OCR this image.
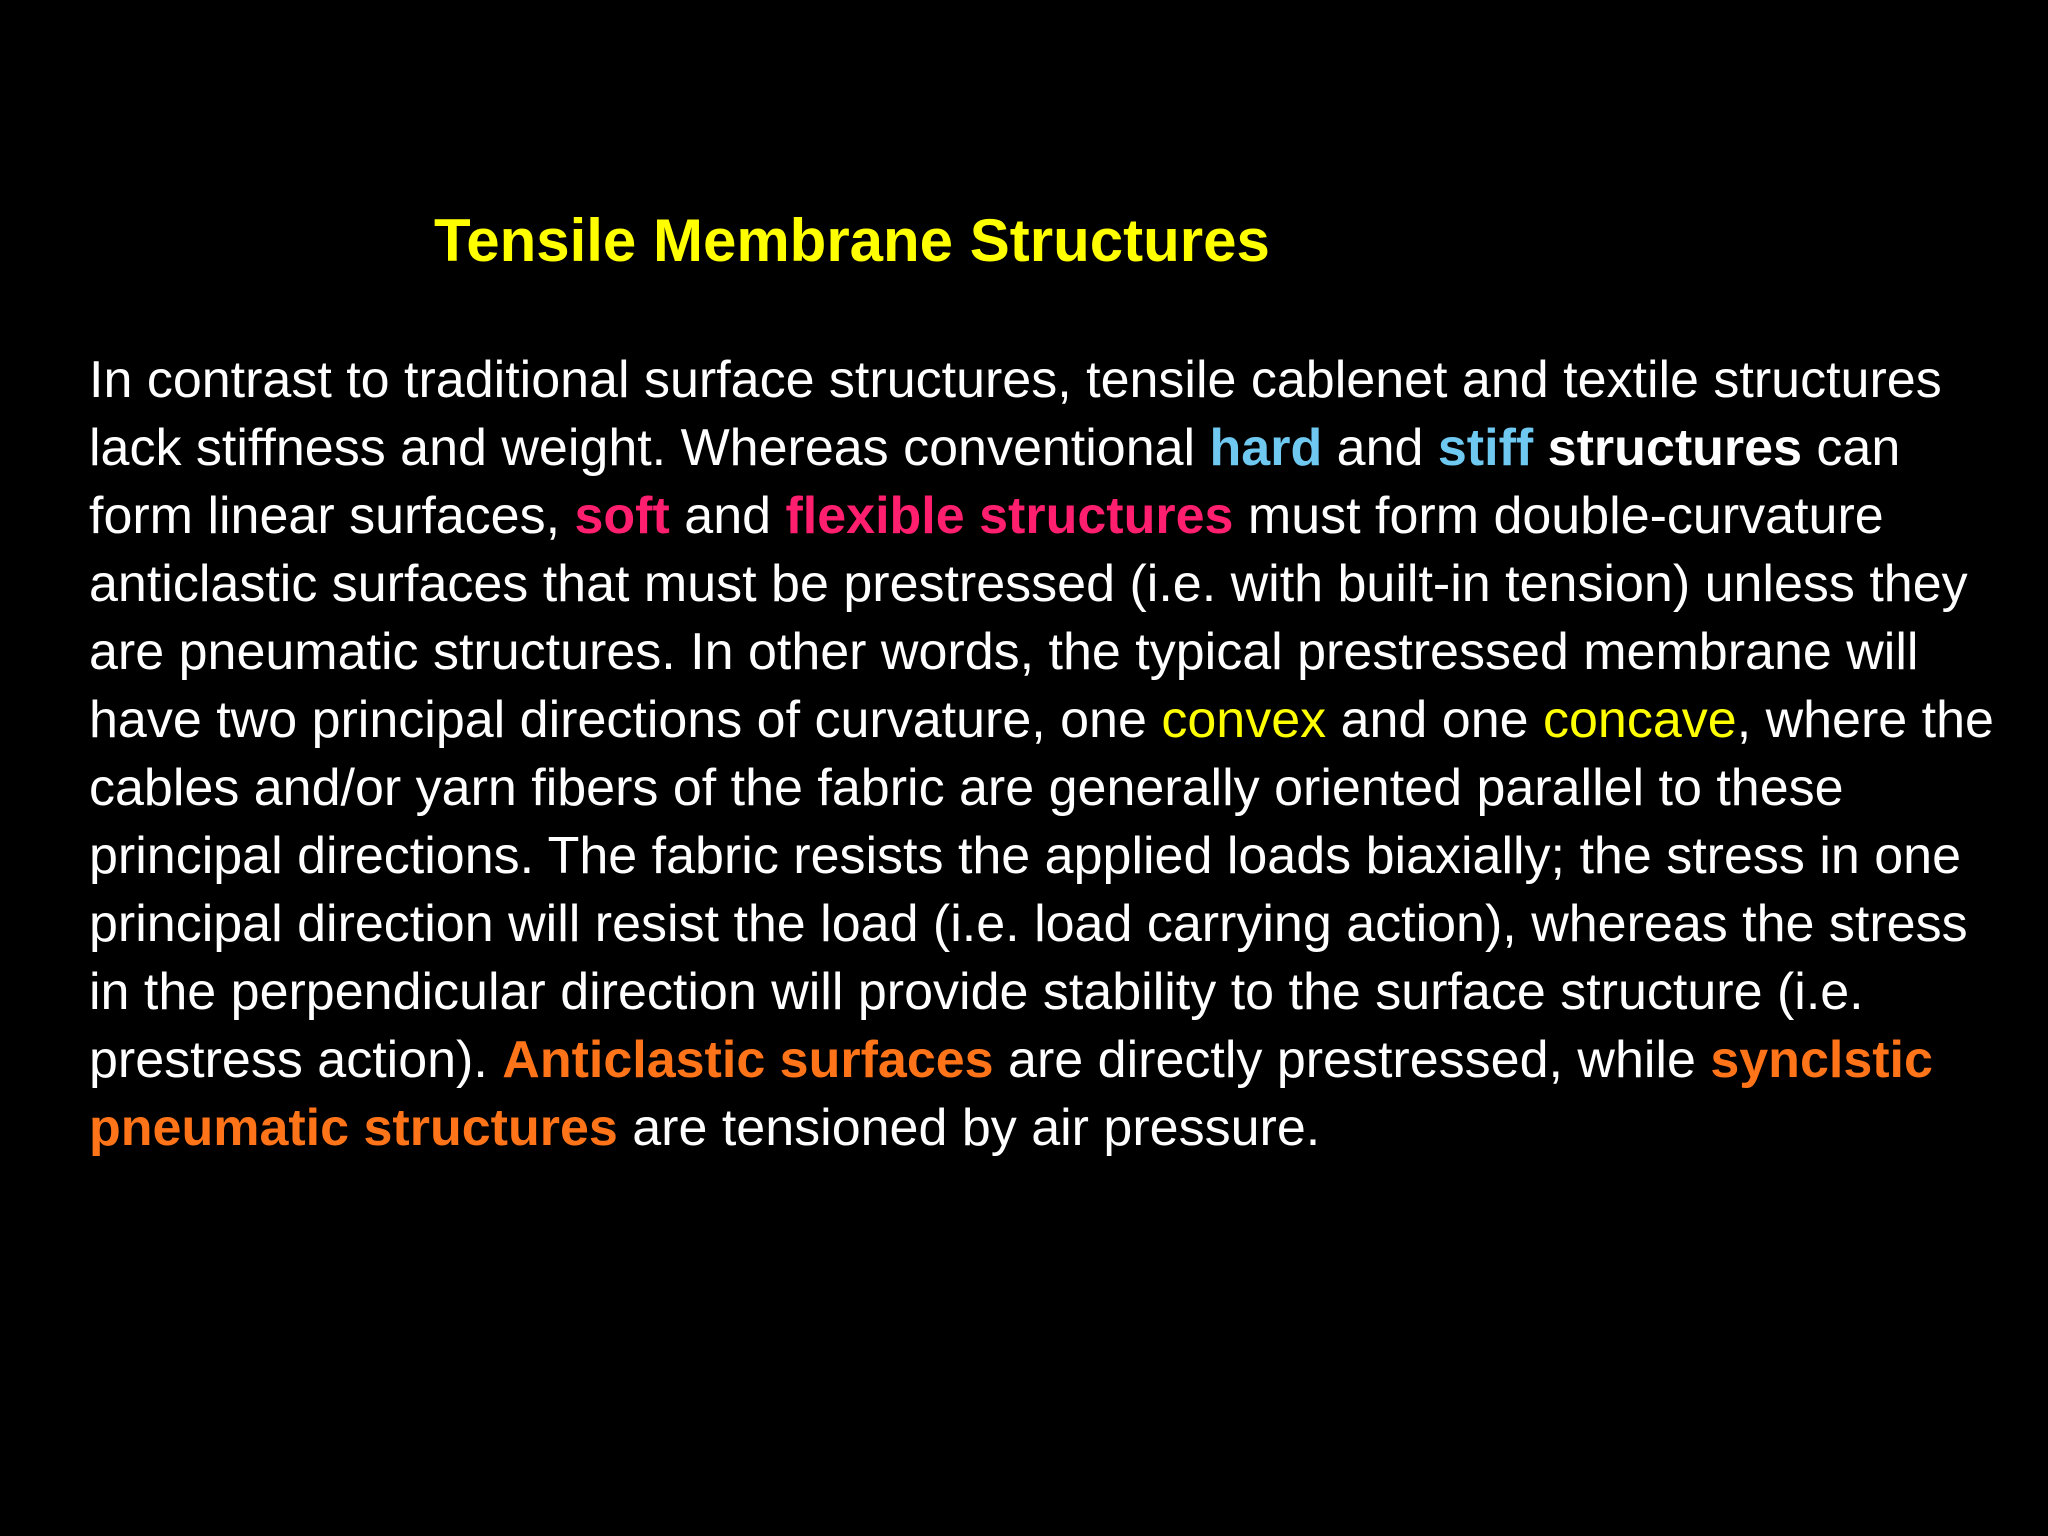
Tensile Membrane Structures

In contrast to traditional surface structures, tensile cablenet and textile structures lack stiffness and weight. Whereas conventional hard and stiff structures can form linear surfaces, soft and flexible structures must form double-curvature anticlastic surfaces that must be prestressed (i.e. with built-in tension) unless they are pneumatic structures. In other words, the typical prestressed membrane will have two principal directions of curvature, one convex and one concave, where the cables and/or yarn fibers of the fabric are generally oriented parallel to these principal directions. The fabric resists the applied loads biaxially; the stress in one principal direction will resist the load (i.e. load carrying action), whereas the stress in the perpendicular direction will provide stability to the surface structure (i.e. prestress action). Anticlastic surfaces are directly prestressed, while synclstic pneumatic structures are tensioned by air pressure.
